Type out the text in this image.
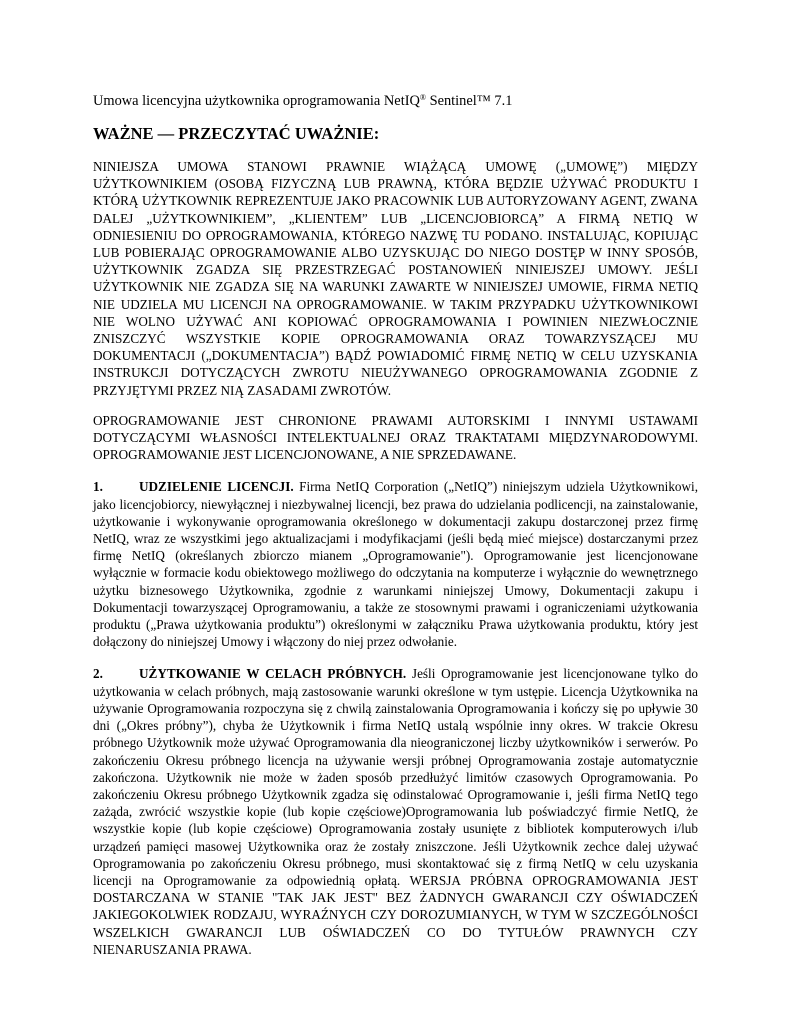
Umowa licencyjna użytkownika oprogramowania NetIQ® Sentinel™ 7.1
WAŻNE — PRZECZYTAĆ UWAŻNIE:

NINIEJSZA UMOWA STANOWI PRAWNIE WIĄŻĄCĄ UMOWĘ („UMOWĘ”) MIĘDZY UŻYTKOWNIKIEM (OSOBĄ FIZYCZNĄ LUB PRAWNĄ, KTÓRA BĘDZIE UŻYWAĆ PRODUKTU I KTÓRĄ UŻYTKOWNIK REPREZENTUJE JAKO PRACOWNIK LUB AUTORYZOWANY AGENT, ZWANA DALEJ „UŻYTKOWNIKIEM”, „KLIENTEM” LUB „LICENCJOBIORCĄ” A FIRMĄ NETIQ W ODNIESIENIU DO OPROGRAMOWANIA, KTÓREGO NAZWĘ TU PODANO. INSTALUJĄC, KOPIUJĄC LUB POBIERAJĄC OPROGRAMOWANIE ALBO UZYSKUJĄC DO NIEGO DOSTĘP W INNY SPOSÓB, UŻYTKOWNIK ZGADZA SIĘ PRZESTRZEGAĆ POSTANOWIEŃ NINIEJSZEJ UMOWY. JEŚLI UŻYTKOWNIK NIE ZGADZA SIĘ NA WARUNKI ZAWARTE W NINIEJSZEJ UMOWIE, FIRMA NETIQ NIE UDZIELA MU LICENCJI NA OPROGRAMOWANIE. W TAKIM PRZYPADKU UŻYTKOWNIKOWI NIE WOLNO UŻYWAĆ ANI KOPIOWAĆ OPROGRAMOWANIA I POWINIEN NIEZWŁOCZNIE ZNISZCZYĆ WSZYSTKIE KOPIE OPROGRAMOWANIA ORAZ TOWARZYSZĄCEJ MU DOKUMENTACJI („DOKUMENTACJA”) BĄDŹ POWIADOMIĆ FIRMĘ NETIQ W CELU UZYSKANIA INSTRUKCJI DOTYCZĄCYCH ZWROTU NIEUŻYWANEGO OPROGRAMOWANIA ZGODNIE Z PRZYJĘTYMI PRZEZ NIĄ ZASADAMI ZWROTÓW.

OPROGRAMOWANIE JEST CHRONIONE PRAWAMI AUTORSKIMI I INNYMI USTAWAMI DOTYCZĄCYMI WŁASNOŚCI INTELEKTUALNEJ ORAZ TRAKTATAMI MIĘDZYNARODOWYMI. OPROGRAMOWANIE JEST LICENCJONOWANE, A NIE SPRZEDAWANE.

1.	UDZIELENIE LICENCJI. Firma NetIQ Corporation („NetIQ”) niniejszym udziela Użytkownikowi, jako licencjobiorcy, niewyłącznej i niezbywalnej licencji, bez prawa do udzielania podlicencji, na zainstalowanie, użytkowanie i wykonywanie oprogramowania określonego w dokumentacji zakupu dostarczonej przez firmę NetIQ, wraz ze wszystkimi jego aktualizacjami i modyfikacjami (jeśli będą mieć miejsce) dostarczanymi przez firmę NetIQ (określanych zbiorczo mianem „Oprogramowanie"). Oprogramowanie jest licencjonowane wyłącznie w formacie kodu obiektowego możliwego do odczytania na komputerze i wyłącznie do wewnętrznego użytku biznesowego Użytkownika, zgodnie z warunkami niniejszej Umowy, Dokumentacji zakupu i Dokumentacji towarzyszącej Oprogramowaniu, a także ze stosownymi prawami i ograniczeniami użytkowania produktu („Prawa użytkowania produktu”) określonymi w załączniku Prawa użytkowania produktu, który jest dołączony do niniejszej Umowy i włączony do niej przez odwołanie.

2.	UŻYTKOWANIE W CELACH PRÓBNYCH. Jeśli Oprogramowanie jest licencjonowane tylko do użytkowania w celach próbnych, mają zastosowanie warunki określone w tym ustępie. Licencja Użytkownika na używanie Oprogramowania rozpoczyna się z chwilą zainstalowania Oprogramowania i kończy się po upływie 30 dni („Okres próbny”), chyba że Użytkownik i firma NetIQ ustalą wspólnie inny okres. W trakcie Okresu próbnego Użytkownik może używać Oprogramowania dla nieograniczonej liczby użytkowników i serwerów. Po zakończeniu Okresu próbnego licencja na używanie wersji próbnej Oprogramowania zostaje automatycznie zakończona. Użytkownik nie może w żaden sposób przedłużyć limitów czasowych Oprogramowania. Po zakończeniu Okresu próbnego Użytkownik zgadza się odinstalować Oprogramowanie i, jeśli firma NetIQ tego zażąda, zwrócić wszystkie kopie (lub kopie częściowe)Oprogramowania lub poświadczyć firmie NetIQ, że wszystkie kopie (lub kopie częściowe) Oprogramowania zostały usunięte z bibliotek komputerowych i/lub urządzeń pamięci masowej Użytkownika oraz że zostały zniszczone. Jeśli Użytkownik zechce dalej używać Oprogramowania po zakończeniu Okresu próbnego, musi skontaktować się z firmą NetIQ w celu uzyskania licencji na Oprogramowanie za odpowiednią opłatą. WERSJA PRÓBNA OPROGRAMOWANIA JEST DOSTARCZANA W STANIE "TAK JAK JEST" BEZ ŻADNYCH GWARANCJI CZY OŚWIADCZEŃ JAKIEGOKOLWIEK RODZAJU, WYRAŹNYCH CZY DOROZUMIANYCH, W TYM W SZCZEGÓLNOŚCI WSZELKICH GWARANCJI LUB OŚWIADCZEŃ CO DO TYTUŁÓW PRAWNYCH CZY NIENARUSZANIA PRAWA.
